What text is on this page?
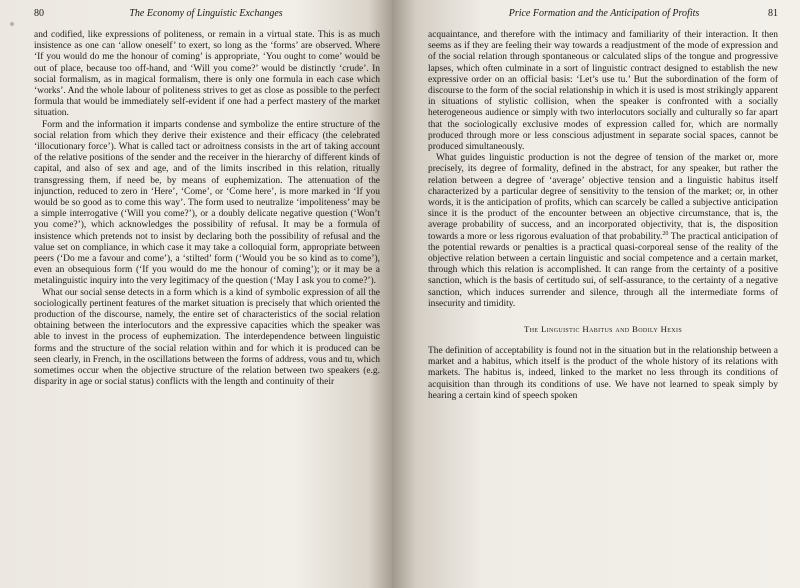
80	The Economy of Linguistic Exchanges

and codified, like expressions of politeness, or remain in a virtual state. This is as much insistence as one can ‘allow oneself’ to exert, so long as the ‘forms’ are observed. Where ‘If you would do me the honour of coming’ is appropriate, ‘You ought to come’ would be out of place, because too off-hand, and ‘Will you come?’ would be distinctly ‘crude’. In social formalism, as in magical formalism, there is only one formula in each case which ‘works’. And the whole labour of politeness strives to get as close as possible to the perfect formula that would be immediately self-evident if one had a perfect mastery of the market situation.

Form and the information it imparts condense and symbolize the entire structure of the social relation from which they derive their existence and their efficacy (the celebrated ‘illocutionary force’). What is called tact or adroitness consists in the art of taking account of the relative positions of the sender and the receiver in the hierarchy of different kinds of capital, and also of sex and age, and of the limits inscribed in this relation, ritually transgressing them, if need be, by means of euphemization. The attenuation of the injunction, reduced to zero in ‘Here’, ‘Come’, or ‘Come here’, is more marked in ‘If you would be so good as to come this way’. The form used to neutralize ‘impoliteness’ may be a simple interrogative (‘Will you come?’), or a doubly delicate negative question (‘Won’t you come?’), which acknowledges the possibility of refusal. It may be a formula of insistence which pretends not to insist by declaring both the possibility of refusal and the value set on compliance, in which case it may take a colloquial form, appropriate between peers (‘Do me a favour and come’), a ‘stilted’ form (‘Would you be so kind as to come’), even an obsequious form (‘If you would do me the honour of coming’); or it may be a metalinguistic inquiry into the very legitimacy of the question (‘May I ask you to come?’).

What our social sense detects in a form which is a kind of symbolic expression of all the sociologically pertinent features of the market situation is precisely that which oriented the production of the discourse, namely, the entire set of characteristics of the social relation obtaining between the interlocutors and the expressive capacities which the speaker was able to invest in the process of euphemization. The interdependence between linguistic forms and the structure of the social relation within and for which it is produced can be seen clearly, in French, in the oscillations between the forms of address, vous and tu, which sometimes occur when the objective structure of the relation between two speakers (e.g. disparity in age or social status) conflicts with the length and continuity of their

Price Formation and the Anticipation of Profits	81

acquaintance, and therefore with the intimacy and familiarity of their interaction. It then seems as if they are feeling their way towards a readjustment of the mode of expression and of the social relation through spontaneous or calculated slips of the tongue and progressive lapses, which often culminate in a sort of linguistic contract designed to establish the new expressive order on an official basis: ‘Let’s use tu.’ But the subordination of the form of discourse to the form of the social relationship in which it is used is most strikingly apparent in situations of stylistic collision, when the speaker is confronted with a socially heterogeneous audience or simply with two interlocutors socially and culturally so far apart that the sociologically exclusive modes of expression called for, which are normally produced through more or less conscious adjustment in separate social spaces, cannot be produced simultaneously.

What guides linguistic production is not the degree of tension of the market or, more precisely, its degree of formality, defined in the abstract, for any speaker, but rather the relation between a degree of ‘average’ objective tension and a linguistic habitus itself characterized by a particular degree of sensitivity to the tension of the market; or, in other words, it is the anticipation of profits, which can scarcely be called a subjective anticipation since it is the product of the encounter between an objective circumstance, that is, the average probability of success, and an incorporated objectivity, that is, the disposition towards a more or less rigorous evaluation of that probability.$^{20}$ The practical anticipation of the potential rewards or penalties is a practical quasi-corporeal sense of the reality of the objective relation between a certain linguistic and social competence and a certain market, through which this relation is accomplished. It can range from the certainty of a positive sanction, which is the basis of certitudo sui, of self-assurance, to the certainty of a negative sanction, which induces surrender and silence, through all the intermediate forms of insecurity and timidity.

The Linguistic Habitus and Bodily Hexis

The definition of acceptability is found not in the situation but in the relationship between a market and a habitus, which itself is the product of the whole history of its relations with markets. The habitus is, indeed, linked to the market no less through its conditions of acquisition than through its conditions of use. We have not learned to speak simply by hearing a certain kind of speech spoken
